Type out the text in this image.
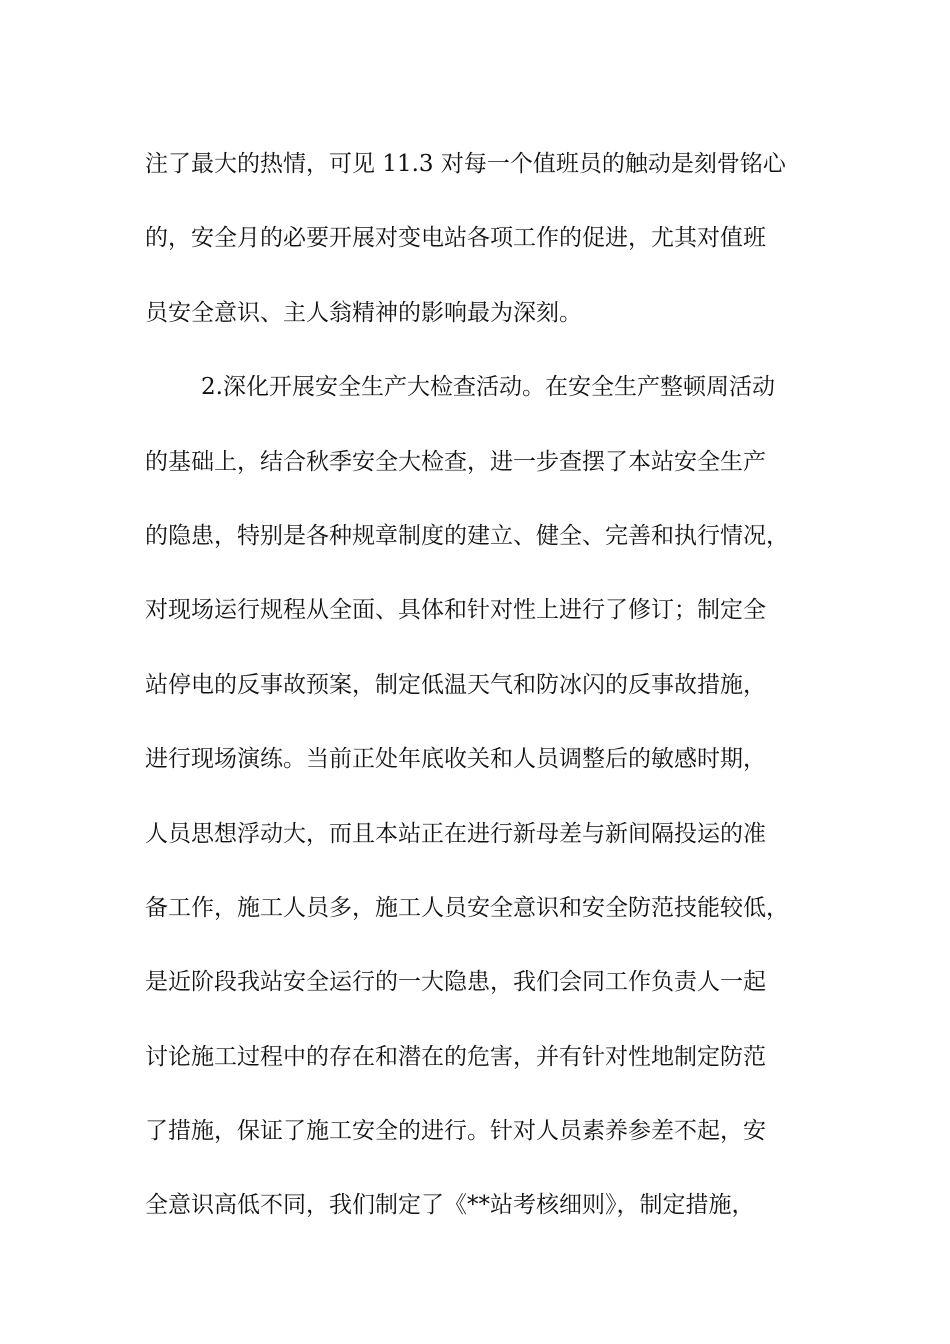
注了最大的热情，可见 11.3 对每一个值班员的触动是刻骨铭心
的，安全月的必要开展对变电站各项工作的促进，尤其对值班
员安全意识、主人翁精神的影响最为深刻。
2.深化开展安全生产大检查活动。在安全生产整顿周活动
的基础上，结合秋季安全大检查，进一步查摆了本站安全生产
的隐患，特别是各种规章制度的建立、健全、完善和执行情况，
对现场运行规程从全面、具体和针对性上进行了修订；制定全
站停电的反事故预案，制定低温天气和防冰闪的反事故措施，
进行现场演练。当前正处年底收关和人员调整后的敏感时期，
人员思想浮动大，而且本站正在进行新母差与新间隔投运的准
备工作，施工人员多，施工人员安全意识和安全防范技能较低，
是近阶段我站安全运行的一大隐患，我们会同工作负责人一起
讨论施工过程中的存在和潜在的危害，并有针对性地制定防范
了措施，保证了施工安全的进行。针对人员素养参差不起，安
全意识高低不同，我们制定了《**站考核细则》，制定措施，
